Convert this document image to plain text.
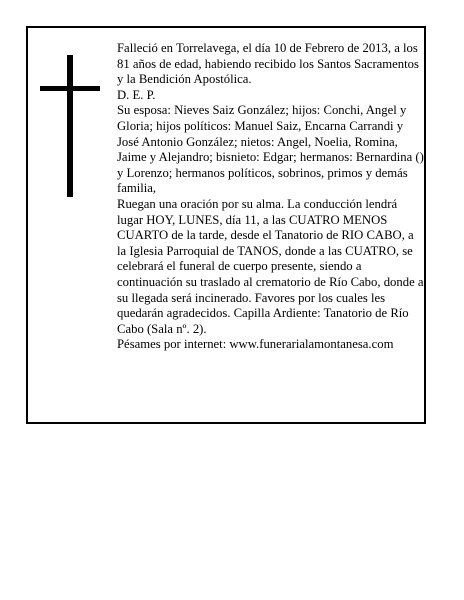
Falleció en Torrelavega, el día 10 de Febrero de 2013, a los 81 años de edad, habiendo recibido los Santos Sacramentos y la Bendición Apostólica.

D. E. P.

Su esposa: Nieves Saiz González; hijos: Conchi, Angel y Gloria; hijos políticos: Manuel Saiz, Encarna Carrandi y José Antonio González; nietos: Angel, Noelia, Romina, Jaime y Alejandro; bisnieto: Edgar; hermanos: Bernardina () y Lorenzo; hermanos políticos, sobrinos, primos y demás familia,

Ruegan una oración por su alma. La conducción lendrá lugar HOY, LUNES, día 11, a las CUATRO MENOS CUARTO de la tarde, desde el Tanatorio de RIO CABO, a la Iglesia Parroquial de TANOS, donde a las CUATRO, se celebrará el funeral de cuerpo presente, siendo a continuación su traslado al crematorio de Río Cabo, donde a su llegada será incinerado. Favores por los cuales les quedarán agradecidos. Capilla Ardiente: Tanatorio de Río Cabo (Sala nº. 2).

Pésames por internet: www.funerarialamontanesa.com
